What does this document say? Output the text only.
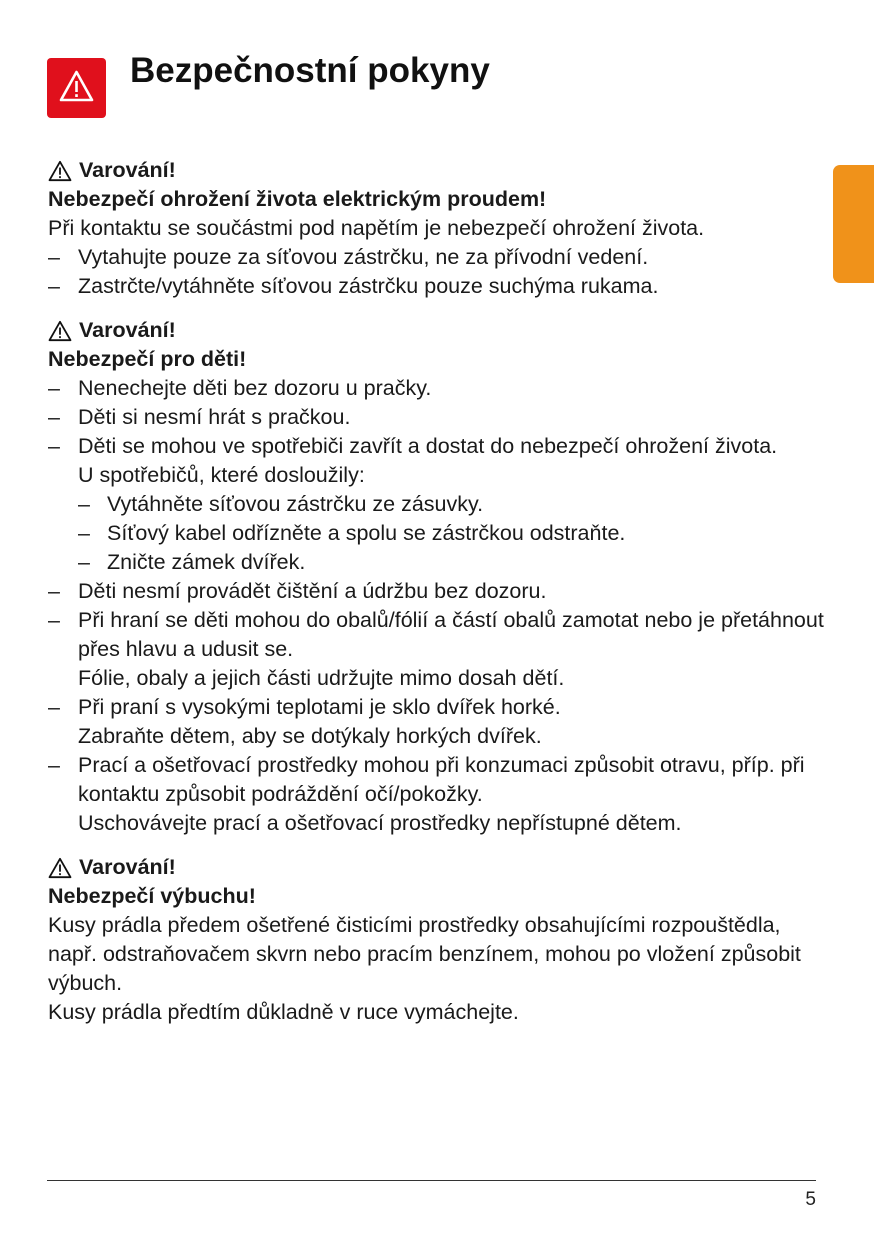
Bezpečnostní pokyny
Varování!
Nebezpečí ohrožení života elektrickým proudem!
Při kontaktu se součástmi pod napětím je nebezpečí ohrožení života.
– Vytahujte pouze za síťovou zástrčku, ne za přívodní vedení.
– Zastrčte/vytáhněte síťovou zástrčku pouze suchýma rukama.
Varování!
Nebezpečí pro děti!
– Nenechejte děti bez dozoru u pračky.
– Děti si nesmí hrát s pračkou.
– Děti se mohou ve spotřebiči zavřít a dostat do nebezpečí ohrožení života.
U spotřebičů, které dosloužily:
– Vytáhněte síťovou zástrčku ze zásuvky.
– Síťový kabel odřízněte a spolu se zástrčkou odstraňte.
– Zničte zámek dvířek.
– Děti nesmí provádět čištění a údržbu bez dozoru.
– Při hraní se děti mohou do obalů/fólií a částí obalů zamotat nebo je přetáhnout přes hlavu a udusit se.
Fólie, obaly a jejich části udržujte mimo dosah dětí.
– Při praní s vysokými teplotami je sklo dvířek horké.
Zabraňte dětem, aby se dotýkaly horkých dvířek.
– Prací a ošetřovací prostředky mohou při konzumaci způsobit otravu, příp. při kontaktu způsobit podráždění očí/pokožky.
Uschovávejte prací a ošetřovací prostředky nepřístupné dětem.
Varování!
Nebezpečí výbuchu!
Kusy prádla předem ošetřené čisticími prostředky obsahujícími rozpouštědla, např. odstraňovačem skvrn nebo pracím benzínem, mohou po vložení způsobit výbuch.
Kusy prádla předtím důkladně v ruce vymáchejte.
5
